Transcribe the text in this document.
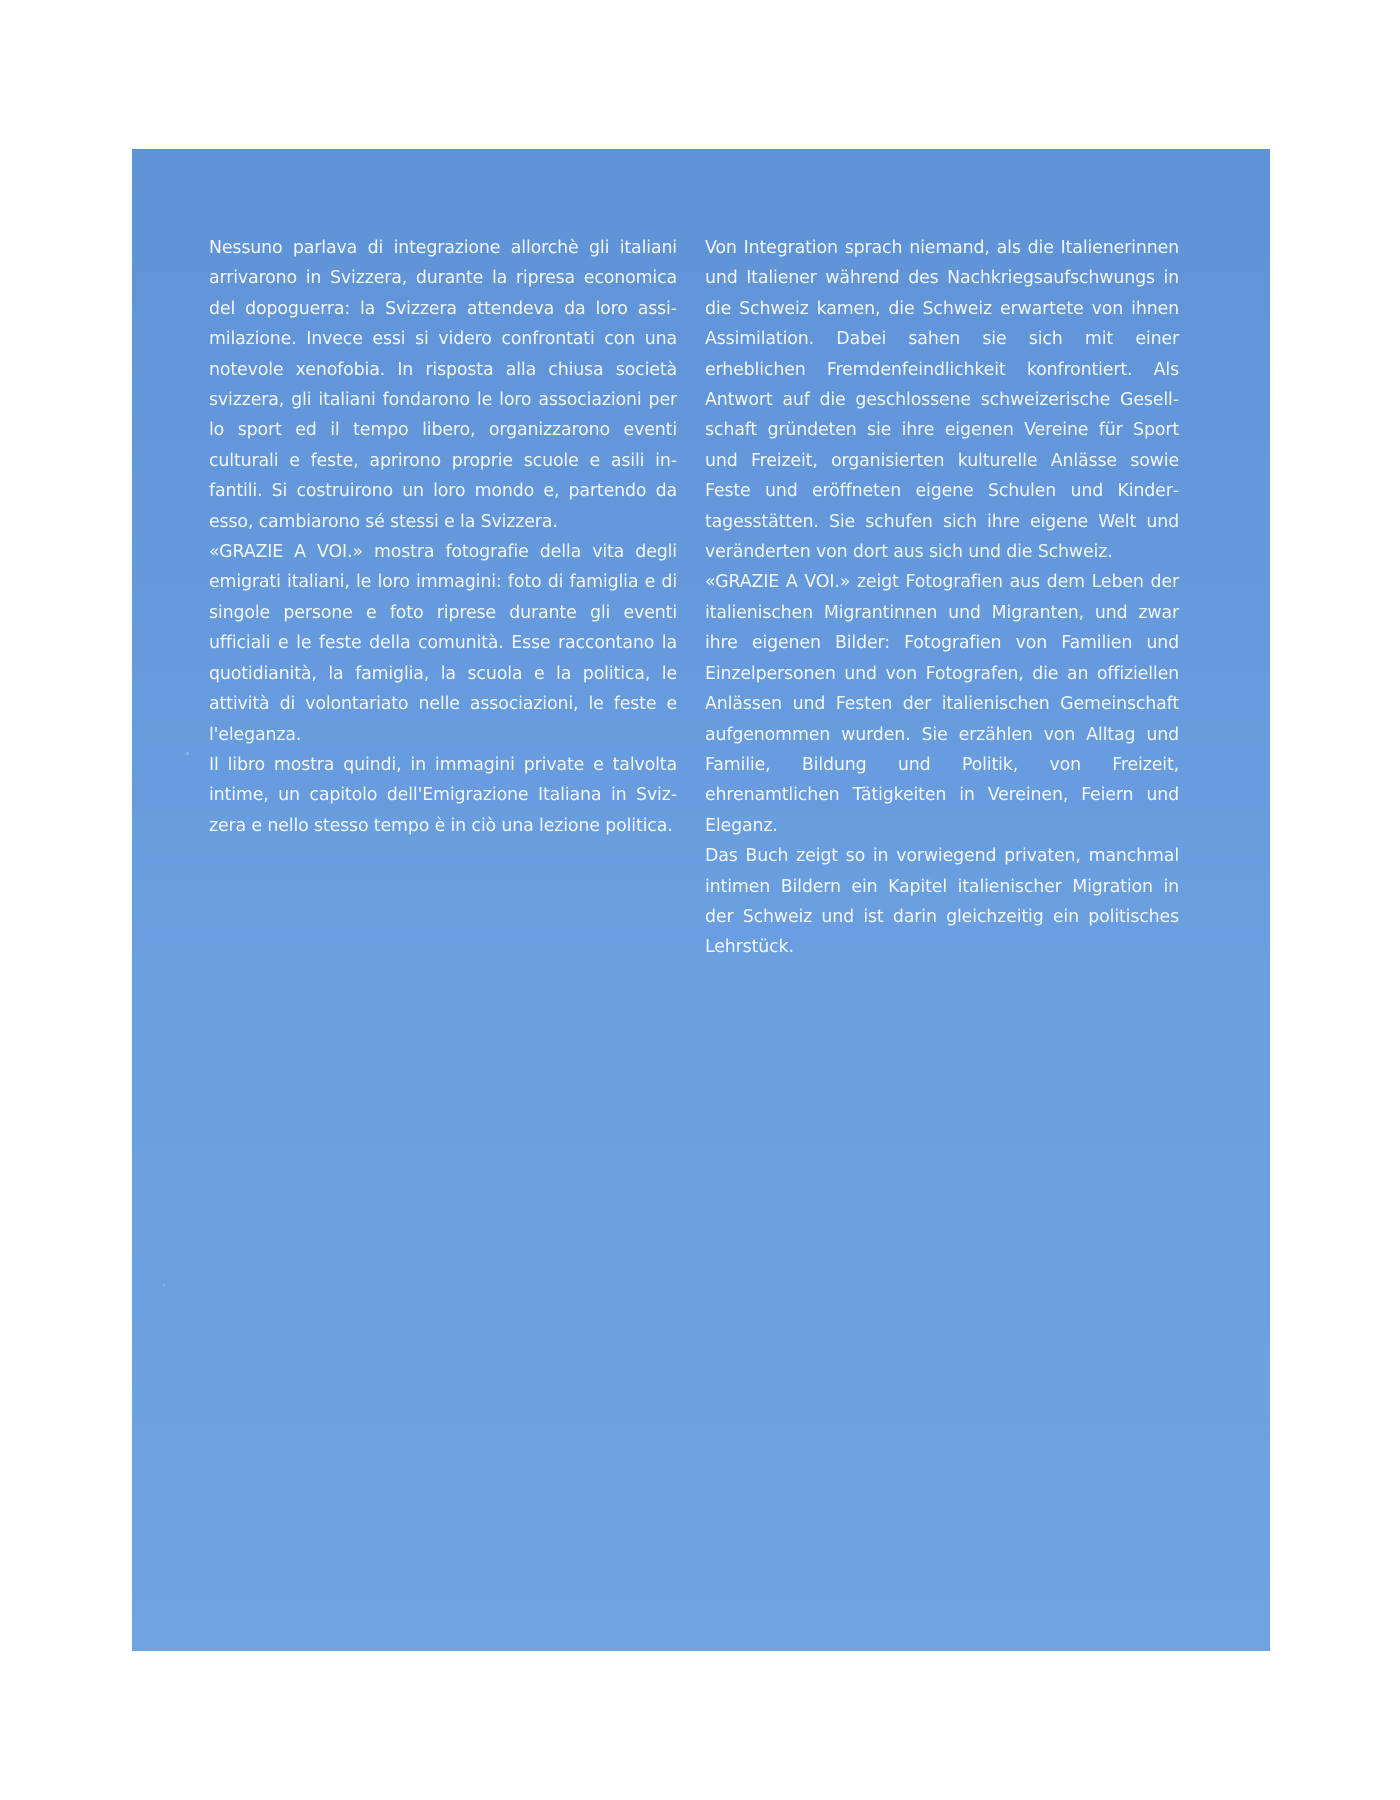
Nessuno parlava di integrazione allorchè gli italiani arrivarono in Svizzera, durante la ripresa economica del dopoguerra: la Svizzera attendeva da loro assimilazione. Invece essi si videro confrontati con una notevole xenofobia. In risposta alla chiusa società svizzera, gli italiani fondarono le loro associazioni per lo sport ed il tempo libero, organizzarono eventi culturali e feste, aprirono proprie scuole e asili infantili. Si costruirono un loro mondo e, partendo da esso, cambiarono sé stessi e la Svizzera.

«GRAZIE A VOI.» mostra fotografie della vita degli emigrati italiani, le loro immagini: foto di famiglia e di singole persone e foto riprese durante gli eventi ufficiali e le feste della comunità. Esse raccontano la quotidianità, la famiglia, la scuola e la politica, le attività di volontariato nelle associazioni, le feste e l'eleganza.

Il libro mostra quindi, in immagini private e talvolta intime, un capitolo dell'Emigrazione Italiana in Svizzera e nello stesso tempo è in ciò una lezione politica.

Von Integration sprach niemand, als die Italienerinnen und Italiener während des Nachkriegsaufschwungs in die Schweiz kamen, die Schweiz erwartete von ihnen Assimilation. Dabei sahen sie sich mit einer erheblichen Fremdenfeindlichkeit konfrontiert. Als Antwort auf die geschlossene schweizerische Gesellschaft gründeten sie ihre eigenen Vereine für Sport und Freizeit, organisierten kulturelle Anlässe sowie Feste und eröffneten eigene Schulen und Kindertagesstätten. Sie schufen sich ihre eigene Welt und veränderten von dort aus sich und die Schweiz.

«GRAZIE A VOI.» zeigt Fotografien aus dem Leben der italienischen Migrantinnen und Migranten, und zwar ihre eigenen Bilder: Fotografien von Familien und Einzelpersonen und von Fotografen, die an offiziellen Anlässen und Festen der italienischen Gemeinschaft aufgenommen wurden. Sie erzählen von Alltag und Familie, Bildung und Politik, von Freizeit, ehrenamtlichen Tätigkeiten in Vereinen, Feiern und Eleganz.

Das Buch zeigt so in vorwiegend privaten, manchmal intimen Bildern ein Kapitel italienischer Migration in der Schweiz und ist darin gleichzeitig ein politisches Lehrstück.
